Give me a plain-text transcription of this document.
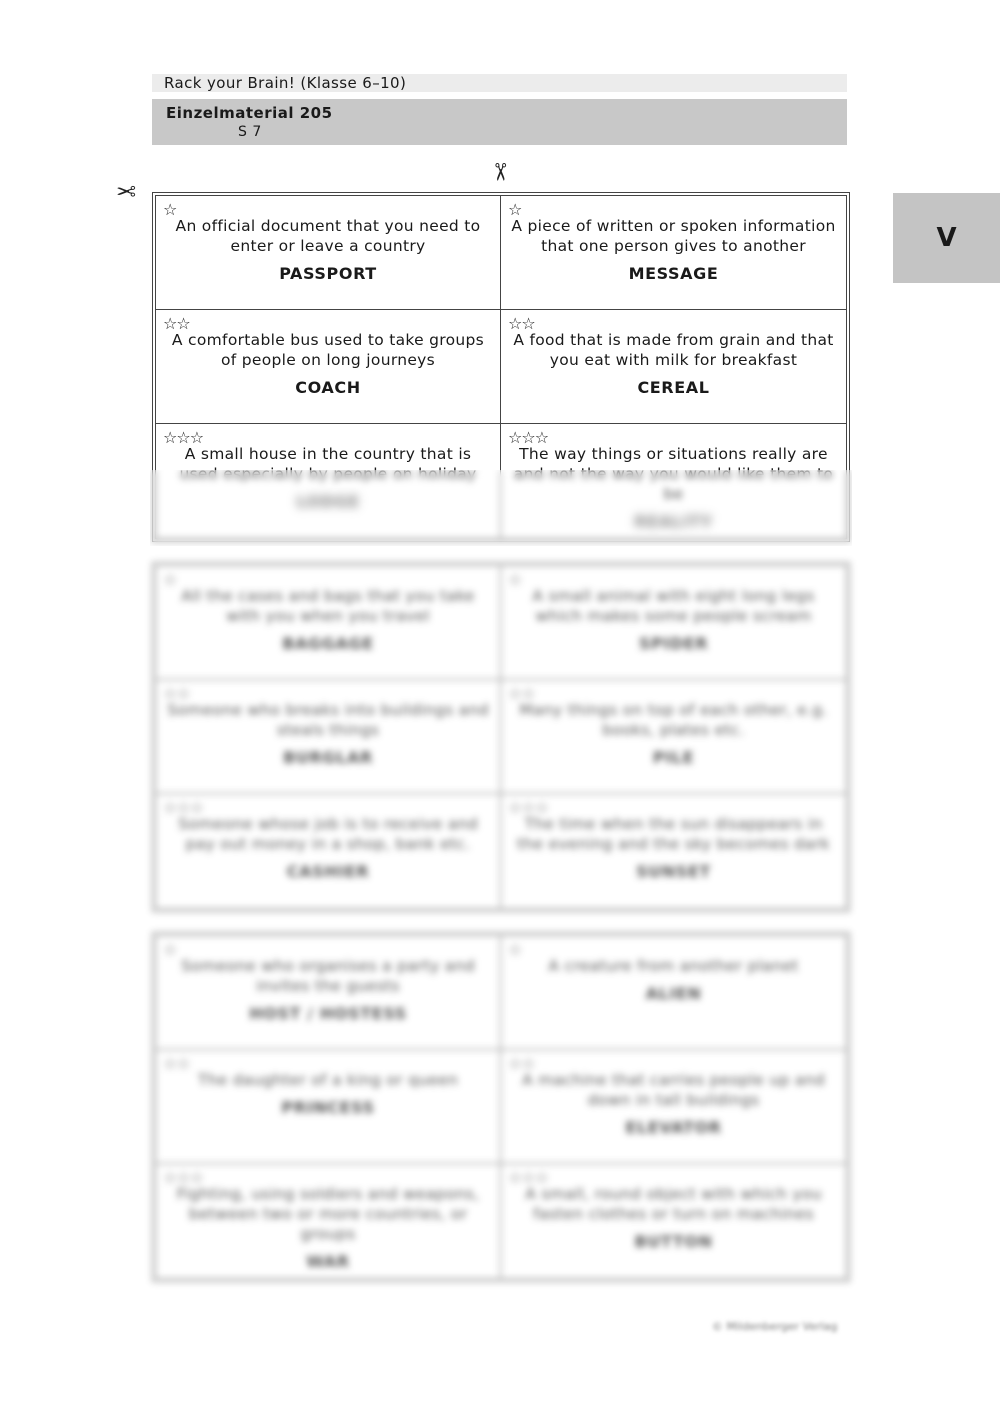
Rack your Brain! (Klasse 6–10)
Einzelmaterial 205
S 7
V
✂
✂
☆
An official document that you need to enter or leave a country
PASSPORT
☆
A piece of written or spoken information that one person gives to another
MESSAGE
☆☆
A comfortable bus used to take groups of people on long journeys
COACH
☆☆
A food that is made from grain and that you eat with milk for breakfast
CEREAL
☆☆☆
A small house in the country that is used especially by people on holiday
LODGE
☆☆☆
The way things or situations really are and not the way you would like them to be
REALITY
☆
All the cases and bags that you take with you when you travel
BAGGAGE
☆
A small animal with eight long legs which makes some people scream
SPIDER
☆☆
Someone who breaks into buildings and steals things
BURGLAR
☆☆
Many things on top of each other, e.g. books, plates etc.
PILE
☆☆☆
Someone whose job is to receive and pay out money in a shop, bank etc.
CASHIER
☆☆☆
The time when the sun disappears in the evening and the sky becomes dark
SUNSET
☆
Someone who organises a party and invites the guests
HOST / HOSTESS
☆
A creature from another planet
ALIEN
☆☆
The daughter of a king or queen
PRINCESS
☆☆
A machine that carries people up and down in tall buildings
ELEVATOR
☆☆☆
Fighting, using soldiers and weapons, between two or more countries, or groups
WAR
☆☆☆
A small, round object with which you fasten clothes or turn on machines
BUTTON
© Mildenberger Verlag
